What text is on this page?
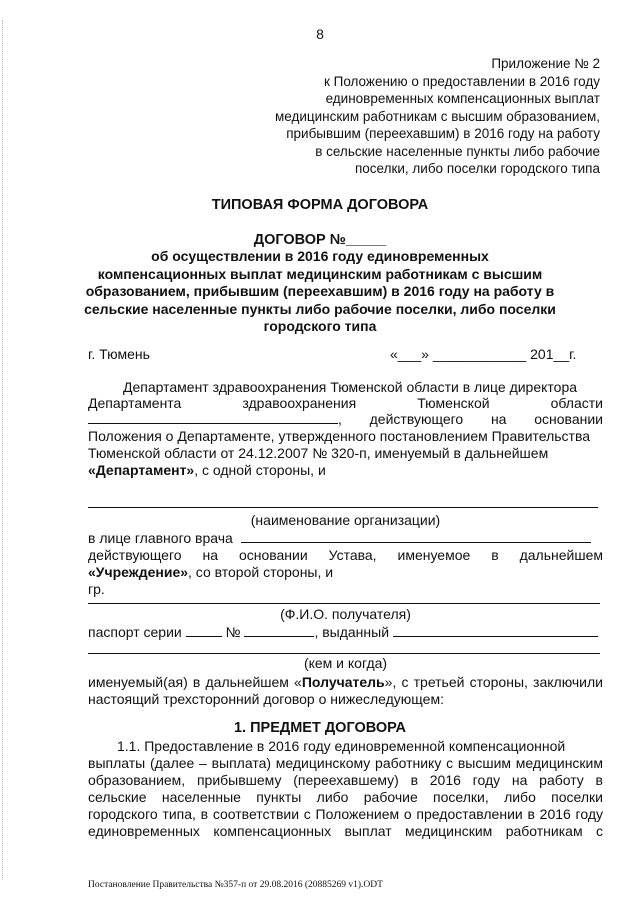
8
Приложение № 2
к Положению о предоставлении в 2016 году
единовременных компенсационных выплат
медицинским работникам с высшим образованием,
прибывшим (переехавшим) в 2016 году на работу
в сельские населенные пункты либо рабочие
поселки, либо поселки городского типа
ТИПОВАЯ ФОРМА ДОГОВОРА
ДОГОВОР №_____
об осуществлении в 2016 году единовременных
компенсационных выплат медицинским работникам с высшим
образованием, прибывшим (переехавшим) в 2016 году на работу в
сельские населенные пункты либо рабочие поселки, либо поселки
городского типа
г. Тюмень	«___» ____________ 201__г.
Департамент здравоохранения Тюменской области в лице директора
Департамента	здравоохранения	Тюменской	области
, действующего на основании
Положения о Департаменте, утвержденного постановлением Правительства
Тюменской области от 24.12.2007 № 320-п, именуемый в дальнейшем
«Департамент», с одной стороны, и
(наименование организации)
в лице главного врача
действующего на основании Устава, именуемое в дальнейшем
«Учреждение», со второй стороны, и
гр.
(Ф.И.О. получателя)
паспорт серии	№	, выданный
(кем и когда)
именуемый(ая) в дальнейшем «Получатель», с третьей стороны, заключили
настоящий трехсторонний договор о нижеследующем:
1. ПРЕДМЕТ ДОГОВОРА
1.1. Предоставление в 2016 году единовременной компенсационной
выплаты (далее – выплата) медицинскому работнику с высшим медицинским
образованием, прибывшему (переехавшему) в 2016 году на работу в
сельские населенные пункты либо рабочие поселки, либо поселки
городского типа, в соответствии с Положением о предоставлении в 2016 году
единовременных компенсационных выплат медицинским работникам с
Постановление Правительства №357-п от 29.08.2016 (20885269 v1).ODT
